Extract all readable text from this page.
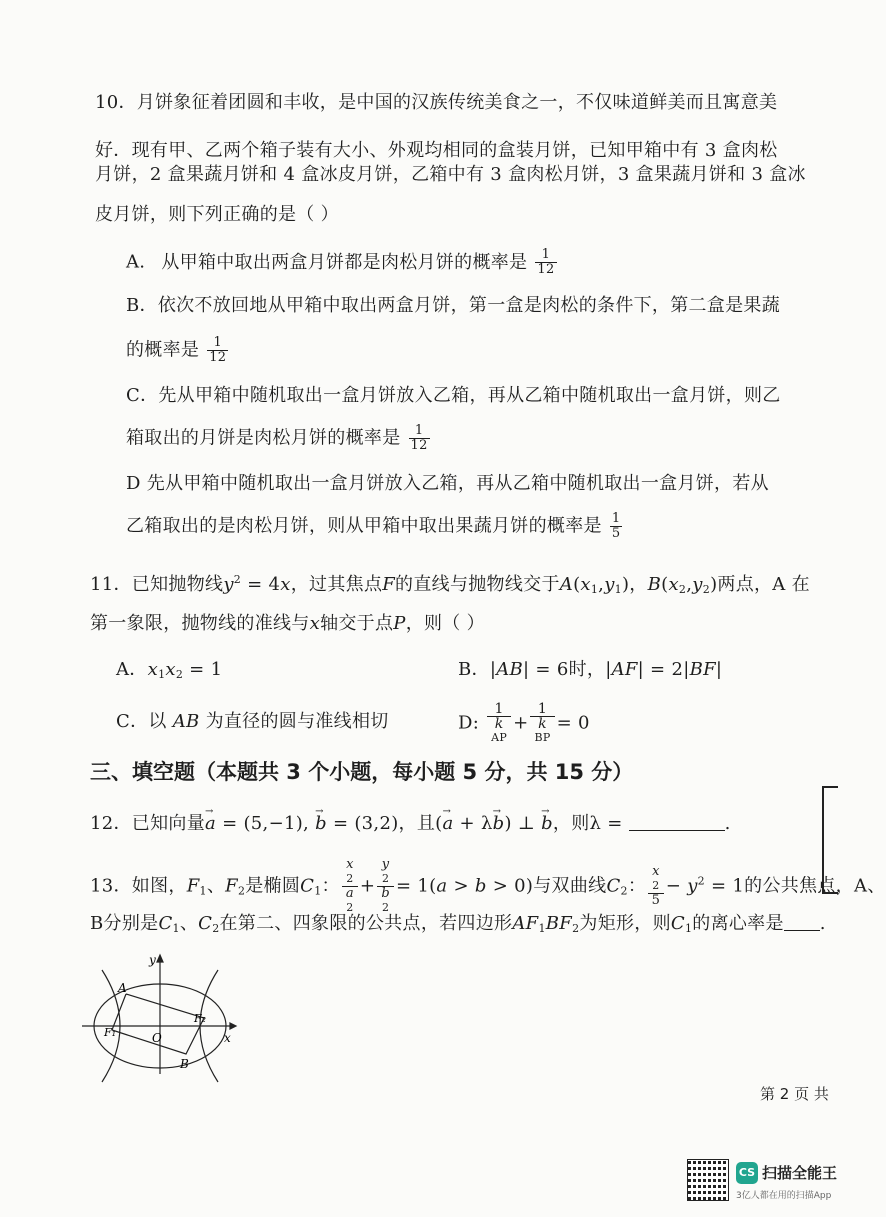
10．月饼象征着团圆和丰收，是中国的汉族传统美食之一，不仅味道鲜美而且寓意美
好．现有甲、乙两个箱子装有大小、外观均相同的盒装月饼，已知甲箱中有 3 盒肉松
月饼，2 盒果蔬月饼和 4 盒冰皮月饼，乙箱中有 3 盒肉松月饼，3 盒果蔬月饼和 3 盒冰
皮月饼，则下列正确的是（ ）
A. 从甲箱中取出两盒月饼都是肉松月饼的概率是 $\frac{1}{12}$
B．依次不放回地从甲箱中取出两盒月饼，第一盒是肉松的条件下，第二盒是果蔬
的概率是 $\frac{1}{12}$
C．先从甲箱中随机取出一盒月饼放入乙箱，再从乙箱中随机取出一盒月饼，则乙
箱取出的月饼是肉松月饼的概率是 $\frac{1}{12}$
D 先从甲箱中随机取出一盒月饼放入乙箱，再从乙箱中随机取出一盒月饼，若从
乙箱取出的是肉松月饼，则从甲箱中取出果蔬月饼的概率是 $\frac{1}{5}$
11．已知抛物线$y^2 = 4x$，过其焦点F的直线与抛物线交于$A(x_1,y_1)$，$B(x_2,y_2)$两点，A 在
第一象限，抛物线的准线与x轴交于点P，则（ ）
A．$x_1x_2 = 1$	B．|AB| = 6时，|AF| = 2|BF|
C．以 AB 为直径的圆与准线相切	D: 1
k
AP + 1
k
BP = 0
三、填空题（本题共 3 个小题，每小题 5 分，共 15 分）
12．已知向量→ a = (5,−1), → b = (3,2)，且(→ a + λ→ b) ⊥ → b，则λ =	.
13．如图，$F_1$、$F_2$是椭圆$C_1$： x
2
a
2 + y
2
b
2 = 1(a > b > 0)与双曲线$C_2$： x
2
$5 - y^2 = 1$的公共焦点，A、
B分别是$C_1$、$C_2$在第二、四象限的公共点，若四边形$AF_1BF_2$为矩形，则$C_1$的离心率是 .
y
x
A
B
O
F₁
F₂
第 2 页 共
CS 扫描全能王
3亿人都在用的扫描App
